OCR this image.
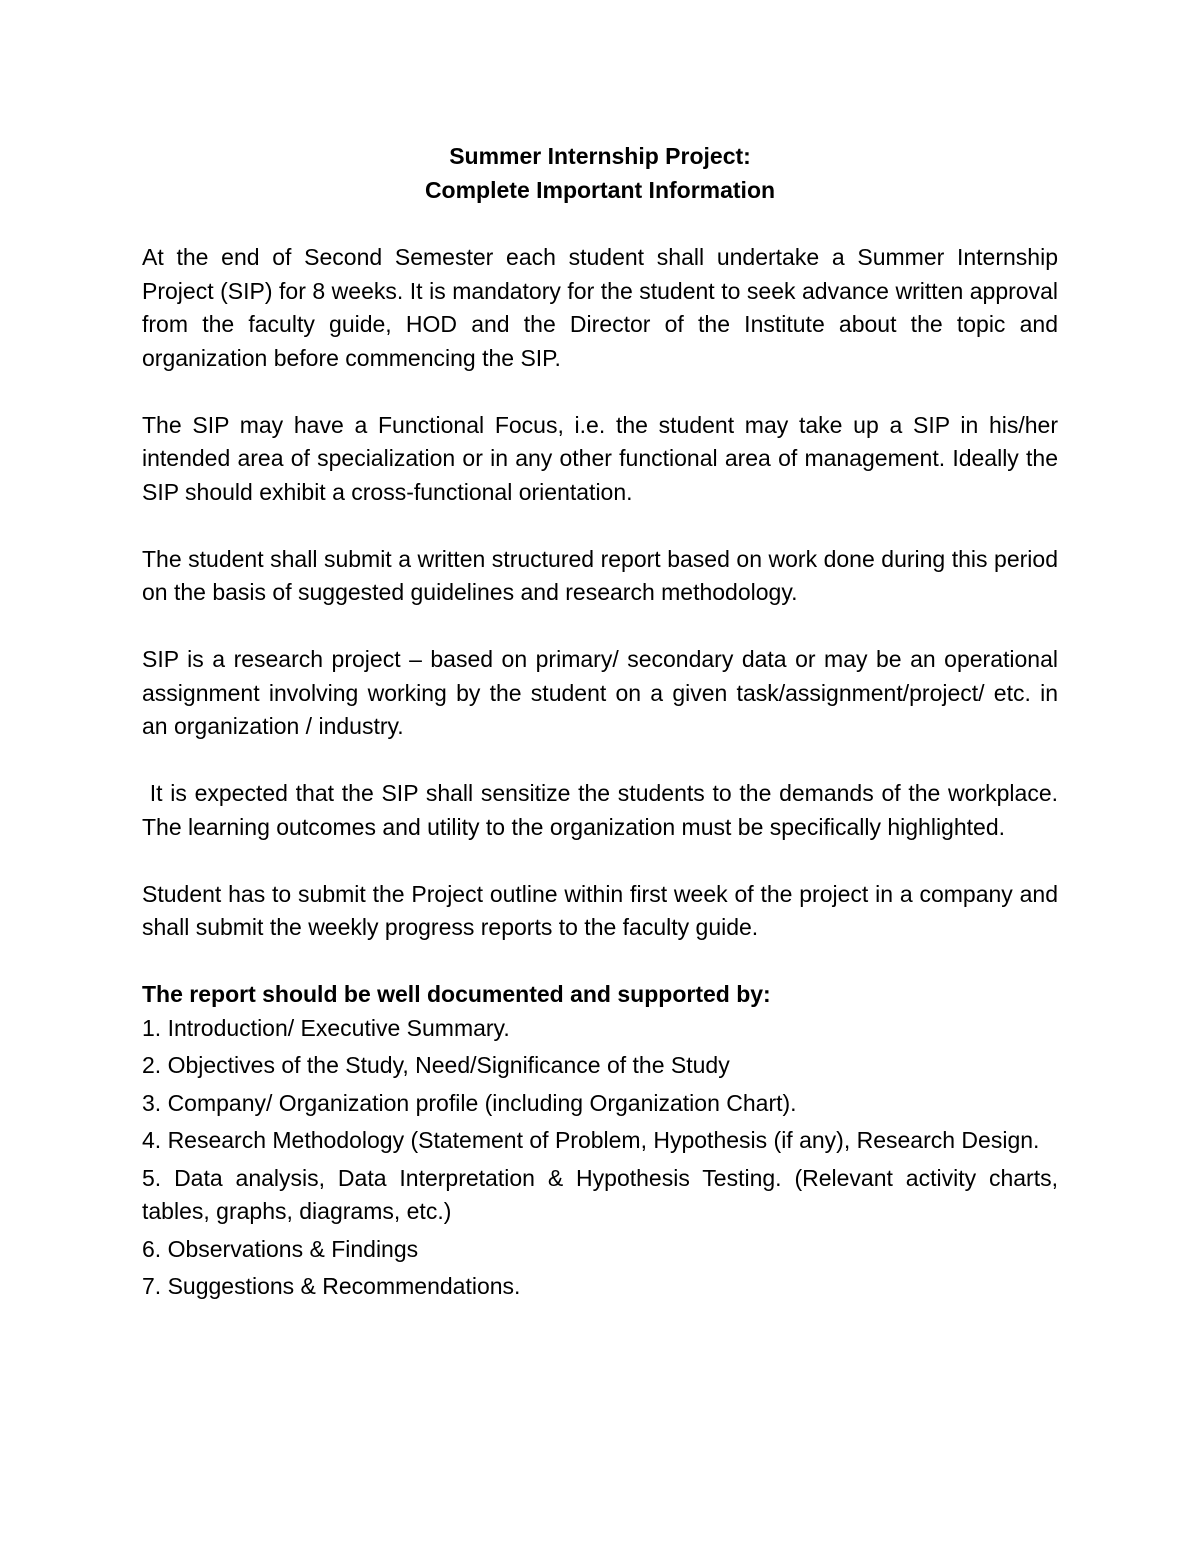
Summer Internship Project:
Complete Important Information

At the end of Second Semester each student shall undertake a Summer Internship Project (SIP) for 8 weeks. It is mandatory for the student to seek advance written approval from the faculty guide, HOD and the Director of the Institute about the topic and organization before commencing the SIP.

The SIP may have a Functional Focus, i.e. the student may take up a SIP in his/her intended area of specialization or in any other functional area of management. Ideally the SIP should exhibit a cross-functional orientation.

The student shall submit a written structured report based on work done during this period on the basis of suggested guidelines and research methodology.

SIP is a research project – based on primary/ secondary data or may be an operational assignment involving working by the student on a given task/assignment/project/ etc. in an organization / industry.

It is expected that the SIP shall sensitize the students to the demands of the workplace. The learning outcomes and utility to the organization must be specifically highlighted.

Student has to submit the Project outline within first week of the project in a company and shall submit the weekly progress reports to the faculty guide.

The report should be well documented and supported by:

1. Introduction/ Executive Summary.
2. Objectives of the Study, Need/Significance of the Study
3. Company/ Organization profile (including Organization Chart).
4. Research Methodology (Statement of Problem, Hypothesis (if any), Research Design.
5. Data analysis, Data Interpretation & Hypothesis Testing. (Relevant activity charts, tables, graphs, diagrams, etc.)
6. Observations & Findings
7. Suggestions & Recommendations.
